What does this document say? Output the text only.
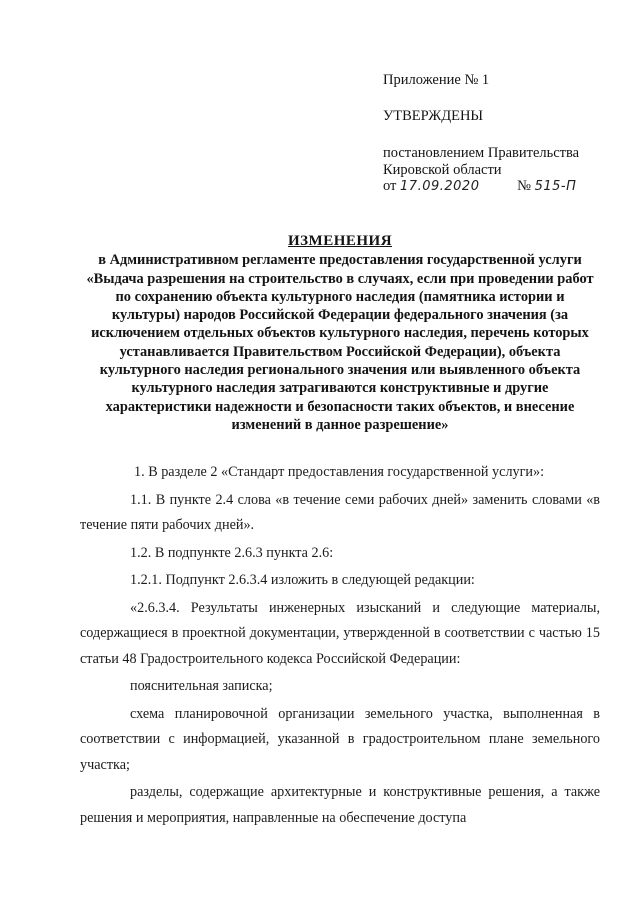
Приложение № 1
УТВЕРЖДЕНЫ
постановлением Правительства
Кировской области
от 17.09.2020	№ 515-П
ИЗМЕНЕНИЯ
в Административном регламенте предоставления государственной услуги «Выдача разрешения на строительство в случаях, если при проведении работ по сохранению объекта культурного наследия (памятника истории и культуры) народов Российской Федерации федерального значения (за исключением отдельных объектов культурного наследия, перечень которых устанавливается Правительством Российской Федерации), объекта культурного наследия регионального значения или выявленного объекта культурного наследия затрагиваются конструктивные и другие характеристики надежности и безопасности таких объектов, и внесение изменений в данное разрешение»

1. В разделе 2 «Стандарт предоставления государственной услуги»:

1.1. В пункте 2.4 слова «в течение семи рабочих дней» заменить словами «в течение пяти рабочих дней».

1.2. В подпункте 2.6.3 пункта 2.6:

1.2.1. Подпункт 2.6.3.4 изложить в следующей редакции:

«2.6.3.4. Результаты инженерных изысканий и следующие материалы, содержащиеся в проектной документации, утвержденной в соответствии с частью 15 статьи 48 Градостроительного кодекса Российской Федерации:

пояснительная записка;

схема планировочной организации земельного участка, выполненная в соответствии с информацией, указанной в градостроительном плане земельного участка;

разделы, содержащие архитектурные и конструктивные решения, а также решения и мероприятия, направленные на обеспечение доступа
